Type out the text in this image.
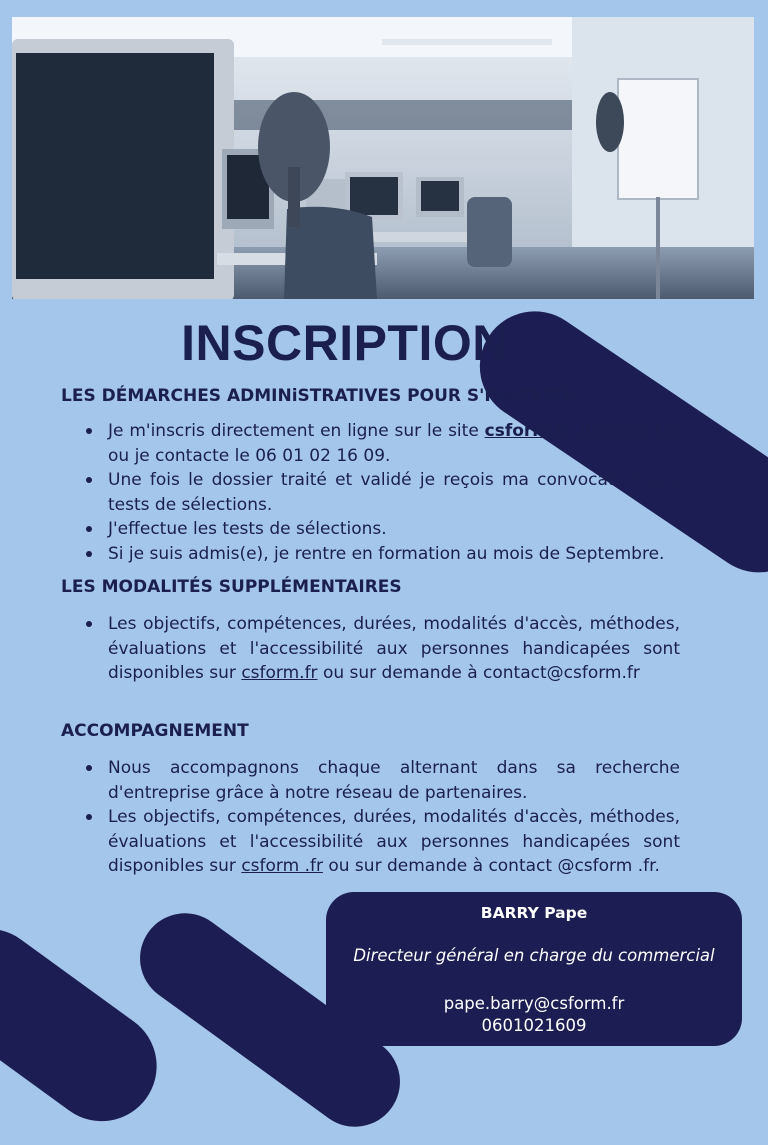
INSCRIPTION
LES DÉMARCHES ADMINiSTRATIVES POUR S'INSCRIRE
Je m'inscris directement en ligne sur le site csform.fr /inscris-toi ou je contacte le 06 01 02 16 09.
Une fois le dossier traité et validé je reçois ma convocation aux tests de sélections.
J'effectue les tests de sélections.
Si je suis admis(e), je rentre en formation au mois de Septembre.
LES MODALITÉS SUPPLÉMENTAIRES
Les objectifs, compétences, durées, modalités d'accès, méthodes, évaluations et l'accessibilité aux personnes handicapées sont disponibles sur csform.fr ou sur demande à contact@csform.fr
ACCOMPAGNEMENT
Nous accompagnons chaque alternant dans sa recherche d'entreprise grâce à notre réseau de partenaires.
Les objectifs, compétences, durées, modalités d'accès, méthodes, évaluations et l'accessibilité aux personnes handicapées sont disponibles sur csform .fr ou sur demande à contact @csform .fr.
BARRY Pape
Directeur général en charge du commercial
pape.barry@csform.fr
0601021609
